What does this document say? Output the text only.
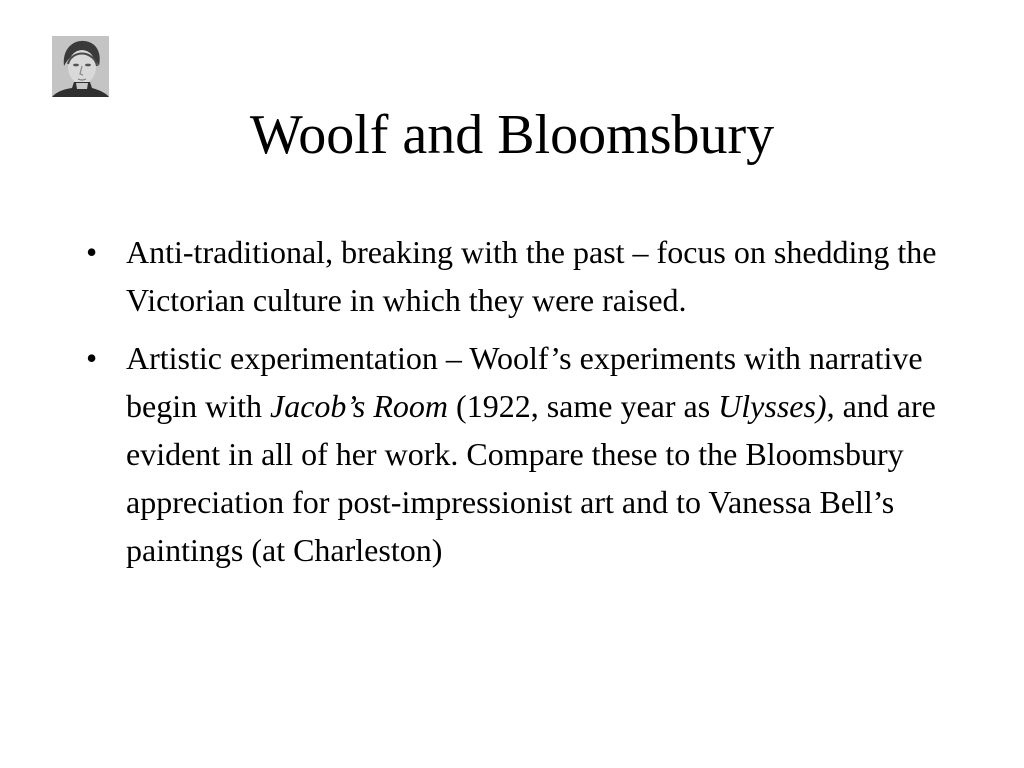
Woolf and Bloomsbury
• Anti-traditional, breaking with the past – focus on shedding the Victorian culture in which they were raised.
• Artistic experimentation – Woolf’s experiments with narrative begin with Jacob’s Room (1922, same year as Ulysses), and are evident in all of her work. Compare these to the Bloomsbury appreciation for post-impressionist art and to Vanessa Bell’s paintings (at Charleston)
